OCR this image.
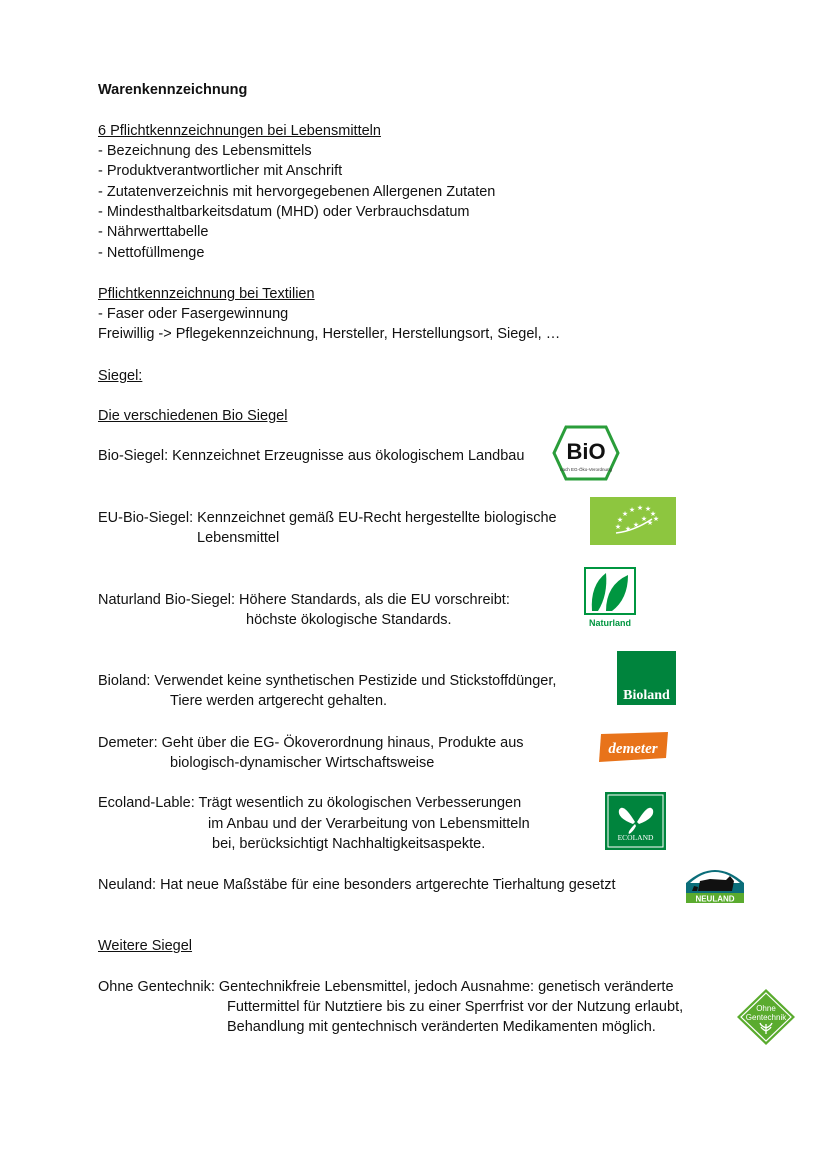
Warenkennzeichnung
6 Pflichtkennzeichnungen bei Lebensmitteln
- Bezeichnung des Lebensmittels
- Produktverantwortlicher mit Anschrift
- Zutatenverzeichnis mit hervorgegebenen Allergenen Zutaten
- Mindesthaltbarkeitsdatum (MHD) oder Verbrauchsdatum
- Nährwerttabelle
- Nettofüllmenge
Pflichtkennzeichnung bei Textilien
- Faser oder Fasergewinnung
Freiwillig -> Pflegekennzeichnung, Hersteller, Herstellungsort, Siegel, …
Siegel:
Die verschiedenen Bio Siegel
Bio-Siegel: Kennzeichnet Erzeugnisse aus ökologischem Landbau BiO
nach EG-Öko-Verordnung
EU-Bio-Siegel: Kennzeichnet gemäß EU-Recht hergestellte biologische
Lebensmittel
★
★
★ ★ ★ ★
★
★ ★
★ ★ ★
Naturland Bio-Siegel: Höhere Standards, als die EU vorschreibt:
höchste ökologische Standards.	Naturland
Bioland: Verwendet keine synthetischen Pestizide und Stickstoffdünger,
Tiere werden artgerecht gehalten.	Bioland
Demeter: Geht über die EG- Ökoverordnung hinaus, Produkte aus
biologisch-dynamischer Wirtschaftsweise
demeter
Ecoland-Lable: Trägt wesentlich zu ökologischen Verbesserungen
im Anbau und der Verarbeitung von Lebensmitteln
bei, berücksichtigt Nachhaltigkeitsaspekte.	ECOLAND
Neuland: Hat neue Maßstäbe für eine besonders artgerechte Tierhaltung gesetzt
NEULAND
Weitere Siegel
Ohne Gentechnik: Gentechnikfreie Lebensmittel, jedoch Ausnahme: genetisch veränderte
Futtermittel für Nutztiere bis zu einer Sperrfrist vor der Nutzung erlaubt,
Behandlung mit gentechnisch veränderten Medikamenten möglich.
Ohne
Gentechnik
